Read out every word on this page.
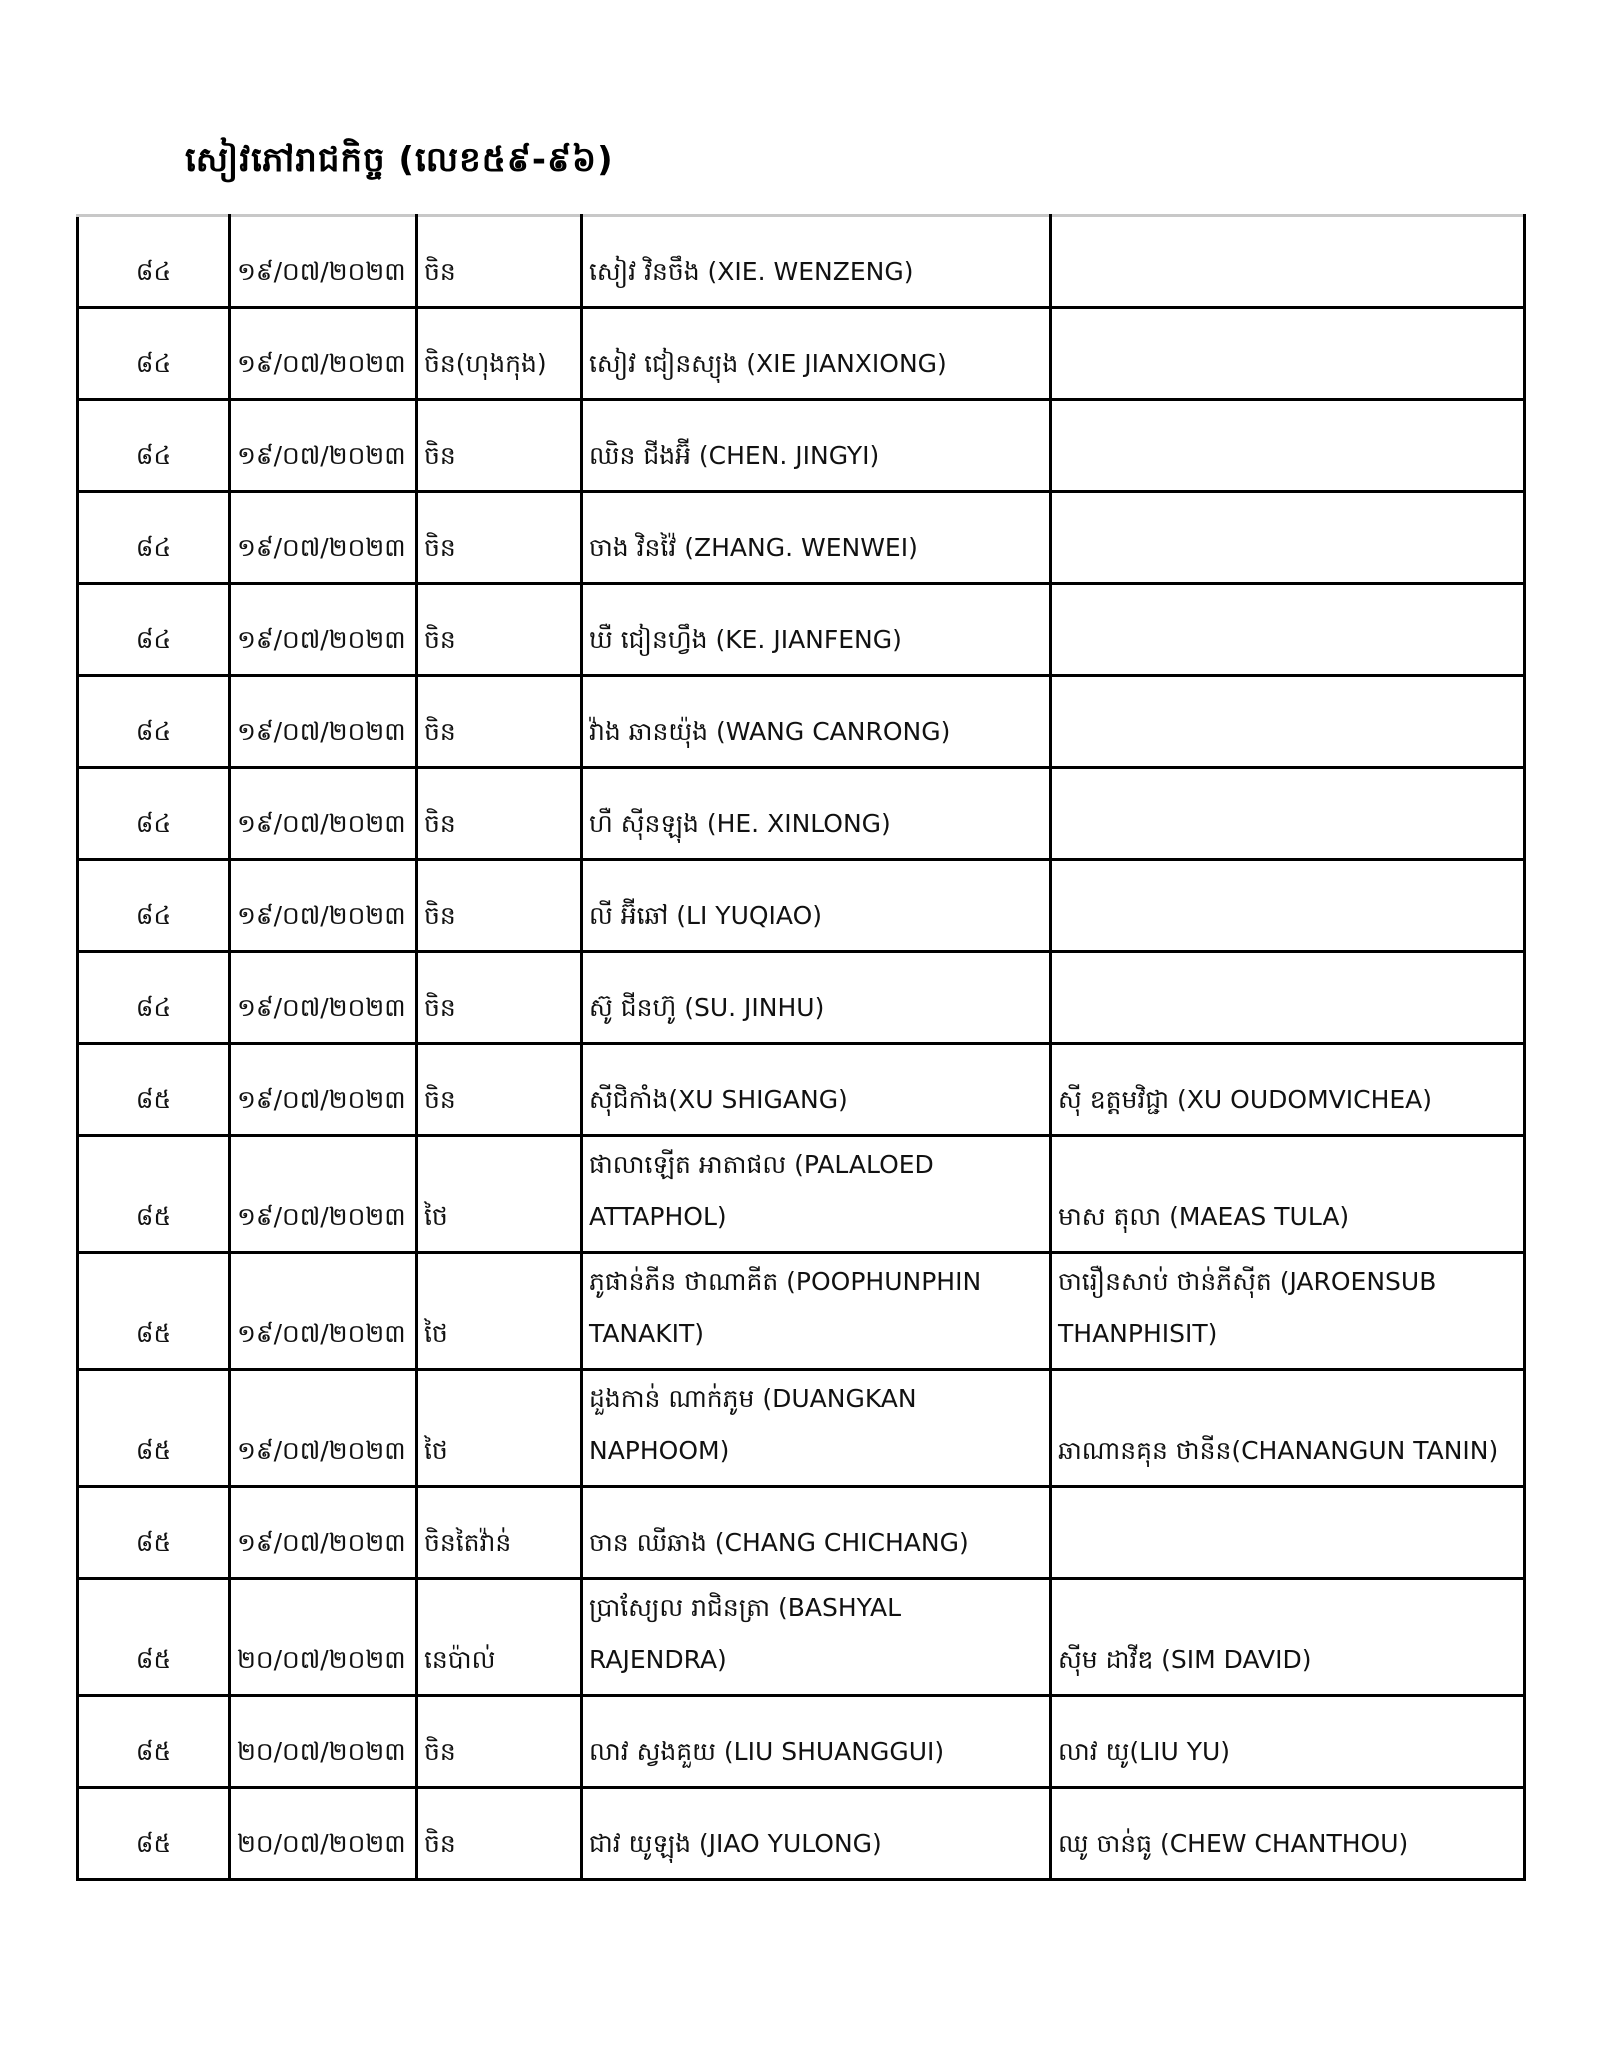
សៀវភៅរាជកិច្ច (លេខ៥៩-៩៦)
៨៤	១៩/០៧/២០២៣	ចិន	សៀវ វិនចឹង (XIE. WENZENG)	
៨៤	១៩/០៧/២០២៣	ចិន(ហុងកុង)	សៀវ ជៀនស្យុង (XIE JIANXIONG)	
៨៤	១៩/០៧/២០២៣	ចិន	ឈិន ជីងអ៊ី (CHEN. JINGYI)	
៨៤	១៩/០៧/២០២៣	ចិន	ចាង វិនវ៉ៃ (ZHANG. WENWEI)	
៨៤	១៩/០៧/២០២៣	ចិន	឴ឃឺ ជៀនហ្វឹង (KE. JIANFENG)	
៨៤	១៩/០៧/២០២៣	ចិន	វ៉ាង ឆានយ៉ុង (WANG CANRONG)	
៨៤	១៩/០៧/២០២៣	ចិន	ហឺ ស៊ីនឡុង (HE. XINLONG)	
៨៤	១៩/០៧/២០២៣	ចិន	លី អ៊ីឆៅ (LI YUQIAO)	
៨៤	១៩/០៧/២០២៣	ចិន	ស៊ូ ជីនហ៊ូ (SU. JINHU)	
៨៥	១៩/០៧/២០២៣	ចិន	ស៊ីជិកាំង(XU SHIGANG)	ស៊ី ឧត្តមវិជ្ជា (XU OUDOMVICHEA)
៨៥	១៩/០៧/២០២៣	ថៃ	ផាលាឡើត អាតាផល (PALALOED ATTAPHOL)	មាស តុលា (MAEAS TULA)
៨៥	១៩/០៧/២០២៣	ថៃ	ភូផាន់ភីន ថាណាគីត (POOPHUNPHIN TANAKIT)	ចារឿនសាប់ ថាន់ភីស៊ីត (JAROENSUB THANPHISIT)
៨៥	១៩/០៧/២០២៣	ថៃ	ដួងកាន់ ណាក់ភូម (DUANGKAN NAPHOOM)	ឆាណានគុន ថានីន(CHANANGUN TANIN)
៨៥	១៩/០៧/២០២៣	ចិនតៃវ៉ាន់	ចាន ឈីឆាង (CHANG CHICHANG)	
៨៥	២០/០៧/២០២៣	នេប៉ាល់	ប្រាស្យែល រាជិនត្រា (BASHYAL RAJENDRA)	ស៊ីម ដាវីឌ (SIM DAVID)
៨៥	២០/០៧/២០២៣	ចិន	លាវ ស្វងគួយ (LIU SHUANGGUI)	លាវ យូ(LIU YU)
៨៥	២០/០៧/២០២៣	ចិន	ជាវ យូឡុង (JIAO YULONG)	ឈូ ចាន់ធូ (CHEW CHANTHOU)
